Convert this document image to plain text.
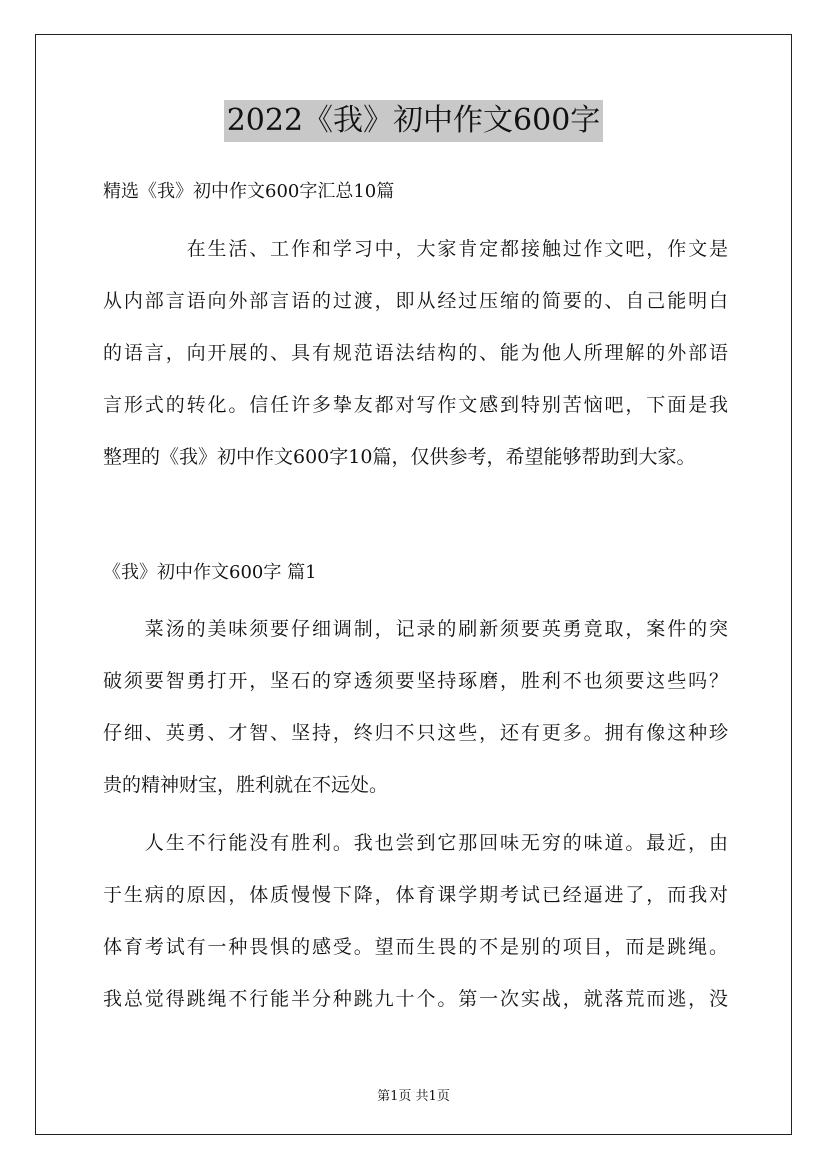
2022《我》初中作文600字
精选《我》初中作文600字汇总10篇
　　　　在生活、工作和学习中，大家肯定都接触过作文吧，作文是
从内部言语向外部言语的过渡，即从经过压缩的简要的、自己能明白
的语言，向开展的、具有规范语法结构的、能为他人所理解的外部语
言形式的转化。信任许多挚友都对写作文感到特别苦恼吧，下面是我
整理的《我》初中作文600字10篇，仅供参考，希望能够帮助到大家。
《我》初中作文600字 篇1
　　菜汤的美味须要仔细调制，记录的刷新须要英勇竟取，案件的突
破须要智勇打开，坚石的穿透须要坚持琢磨，胜利不也须要这些吗？
仔细、英勇、才智、坚持，终归不只这些，还有更多。拥有像这种珍
贵的精神财宝，胜利就在不远处。
　　人生不行能没有胜利。我也尝到它那回味无穷的味道。最近，由
于生病的原因，体质慢慢下降，体育课学期考试已经逼进了，而我对
体育考试有一种畏惧的感受。望而生畏的不是别的项目，而是跳绳。
我总觉得跳绳不行能半分种跳九十个。第一次实战，就落荒而逃，没
第1页 共1页
